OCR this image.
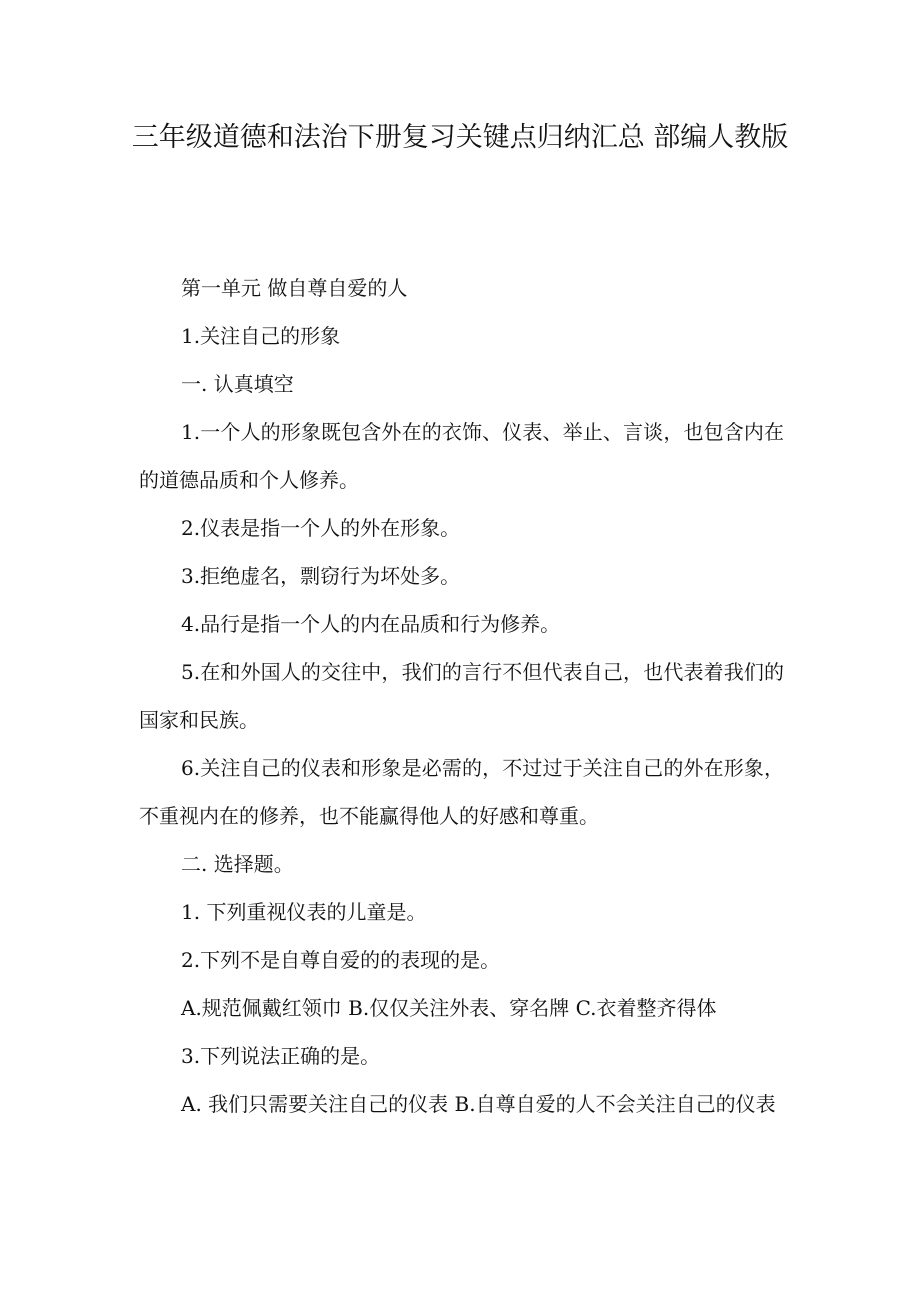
三年级道德和法治下册复习关键点归纳汇总 部编人教版

第一单元 做自尊自爱的人

1.关注自己的形象

一. 认真填空

1.一个人的形象既包含外在的衣饰、仪表、举止、言谈，也包含内在的道德品质和个人修养。

2.仪表是指一个人的外在形象。

3.拒绝虚名，剽窃行为坏处多。

4.品行是指一个人的内在品质和行为修养。

5.在和外国人的交往中，我们的言行不但代表自己，也代表着我们的国家和民族。

6.关注自己的仪表和形象是必需的，不过过于关注自己的外在形象，不重视内在的修养，也不能赢得他人的好感和尊重。

二. 选择题。

1. 下列重视仪表的儿童是。

2.下列不是自尊自爱的的表现的是。

A.规范佩戴红领巾 B.仅仅关注外表、穿名牌 C.衣着整齐得体

3.下列说法正确的是。

A. 我们只需要关注自己的仪表 B.自尊自爱的人不会关注自己的仪表
